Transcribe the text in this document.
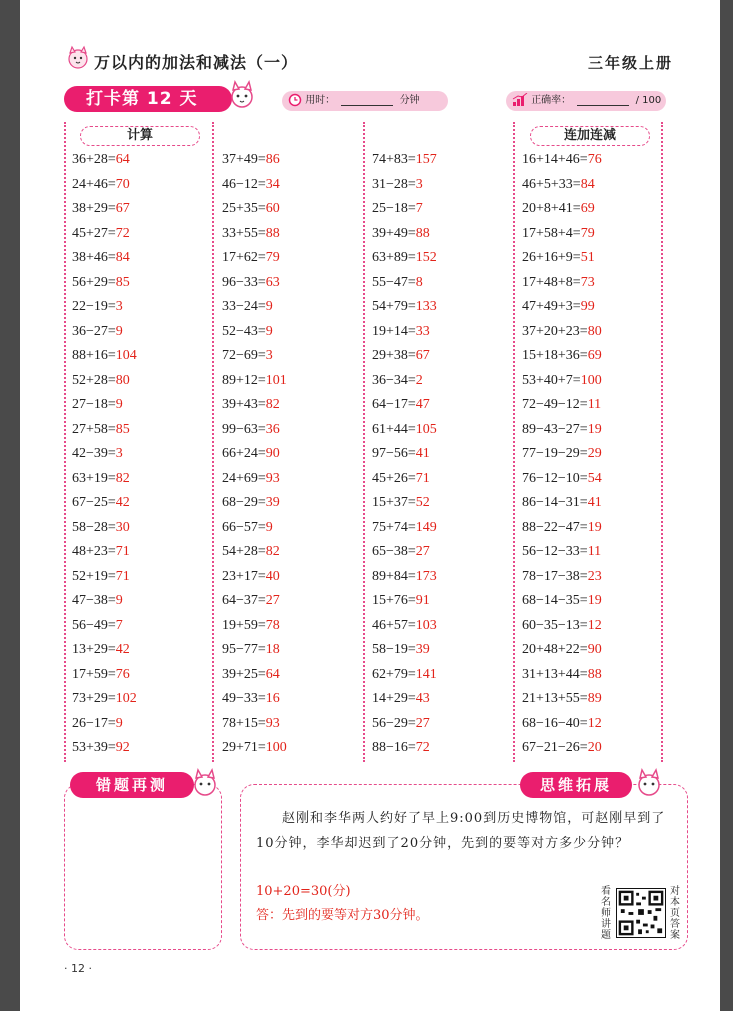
万以内的加法和减法（一）	三年级上册
打卡第 12 天	用时：	分钟	正确率：	/ 100
计算	连加连减
36+28=64
24+46=70
38+29=67
45+27=72
38+46=84
56+29=85
22−19=3
36−27=9
88+16=104
52+28=80
27−18=9
27+58=85
42−39=3
63+19=82
67−25=42
58−28=30
48+23=71
52+19=71
47−38=9
56−49=7
13+29=42
17+59=76
73+29=102
26−17=9
53+39=92
37+49=86
46−12=34
25+35=60
33+55=88
17+62=79
96−33=63
33−24=9
52−43=9
72−69=3
89+12=101
39+43=82
99−63=36
66+24=90
24+69=93
68−29=39
66−57=9
54+28=82
23+17=40
64−37=27
19+59=78
95−77=18
39+25=64
49−33=16
78+15=93
29+71=100
74+83=157
31−28=3
25−18=7
39+49=88
63+89=152
55−47=8
54+79=133
19+14=33
29+38=67
36−34=2
64−17=47
61+44=105
97−56=41
45+26=71
15+37=52
75+74=149
65−38=27
89+84=173
15+76=91
46+57=103
58−19=39
62+79=141
14+29=43
56−29=27
88−16=72
16+14+46=76
46+5+33=84
20+8+41=69
17+58+4=79
26+16+9=51
17+48+8=73
47+49+3=99
37+20+23=80
15+18+36=69
53+40+7=100
72−49−12=11
89−43−27=19
77−19−29=29
76−12−10=54
86−14−31=41
88−22−47=19
56−12−33=11
78−17−38=23
68−14−35=19
60−35−13=12
20+48+22=90
31+13+44=88
21+13+55=89
68−16−40=12
67−21−26=20
错题再测	思维拓展
赵刚和李华两人约好了早上9:00到历史博物馆，可赵刚早到了10分钟，李华却迟到了20分钟，先到的要等对方多少分钟？
10+20=30(分)
答：先到的要等对方30分钟。
看名师讲题
对本页答案
· 12 ·
